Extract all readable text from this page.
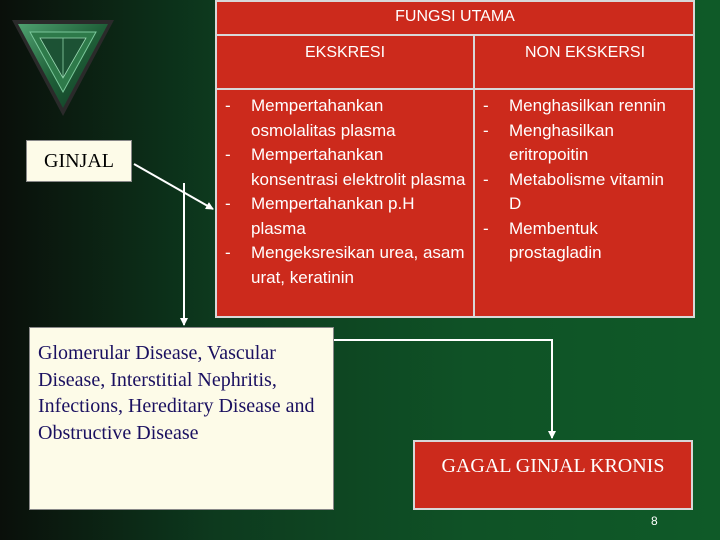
FUNGSI UTAMA
EKSKRESI	NON EKSKERSI
- Mempertahankan osmolalitas plasma
- Mempertahankan konsentrasi elektrolit plasma
- Mempertahankan p.H plasma
- Mengeksresikan urea, asam urat, keratinin
- Menghasilkan rennin
- Menghasilkan eritropoitin
- Metabolisme vitamin D
- Membentuk prostagladin
GINJAL
Glomerular Disease, Vascular Disease, Interstitial Nephritis, Infections, Hereditary Disease and Obstructive Disease
GAGAL GINJAL KRONIS
8
